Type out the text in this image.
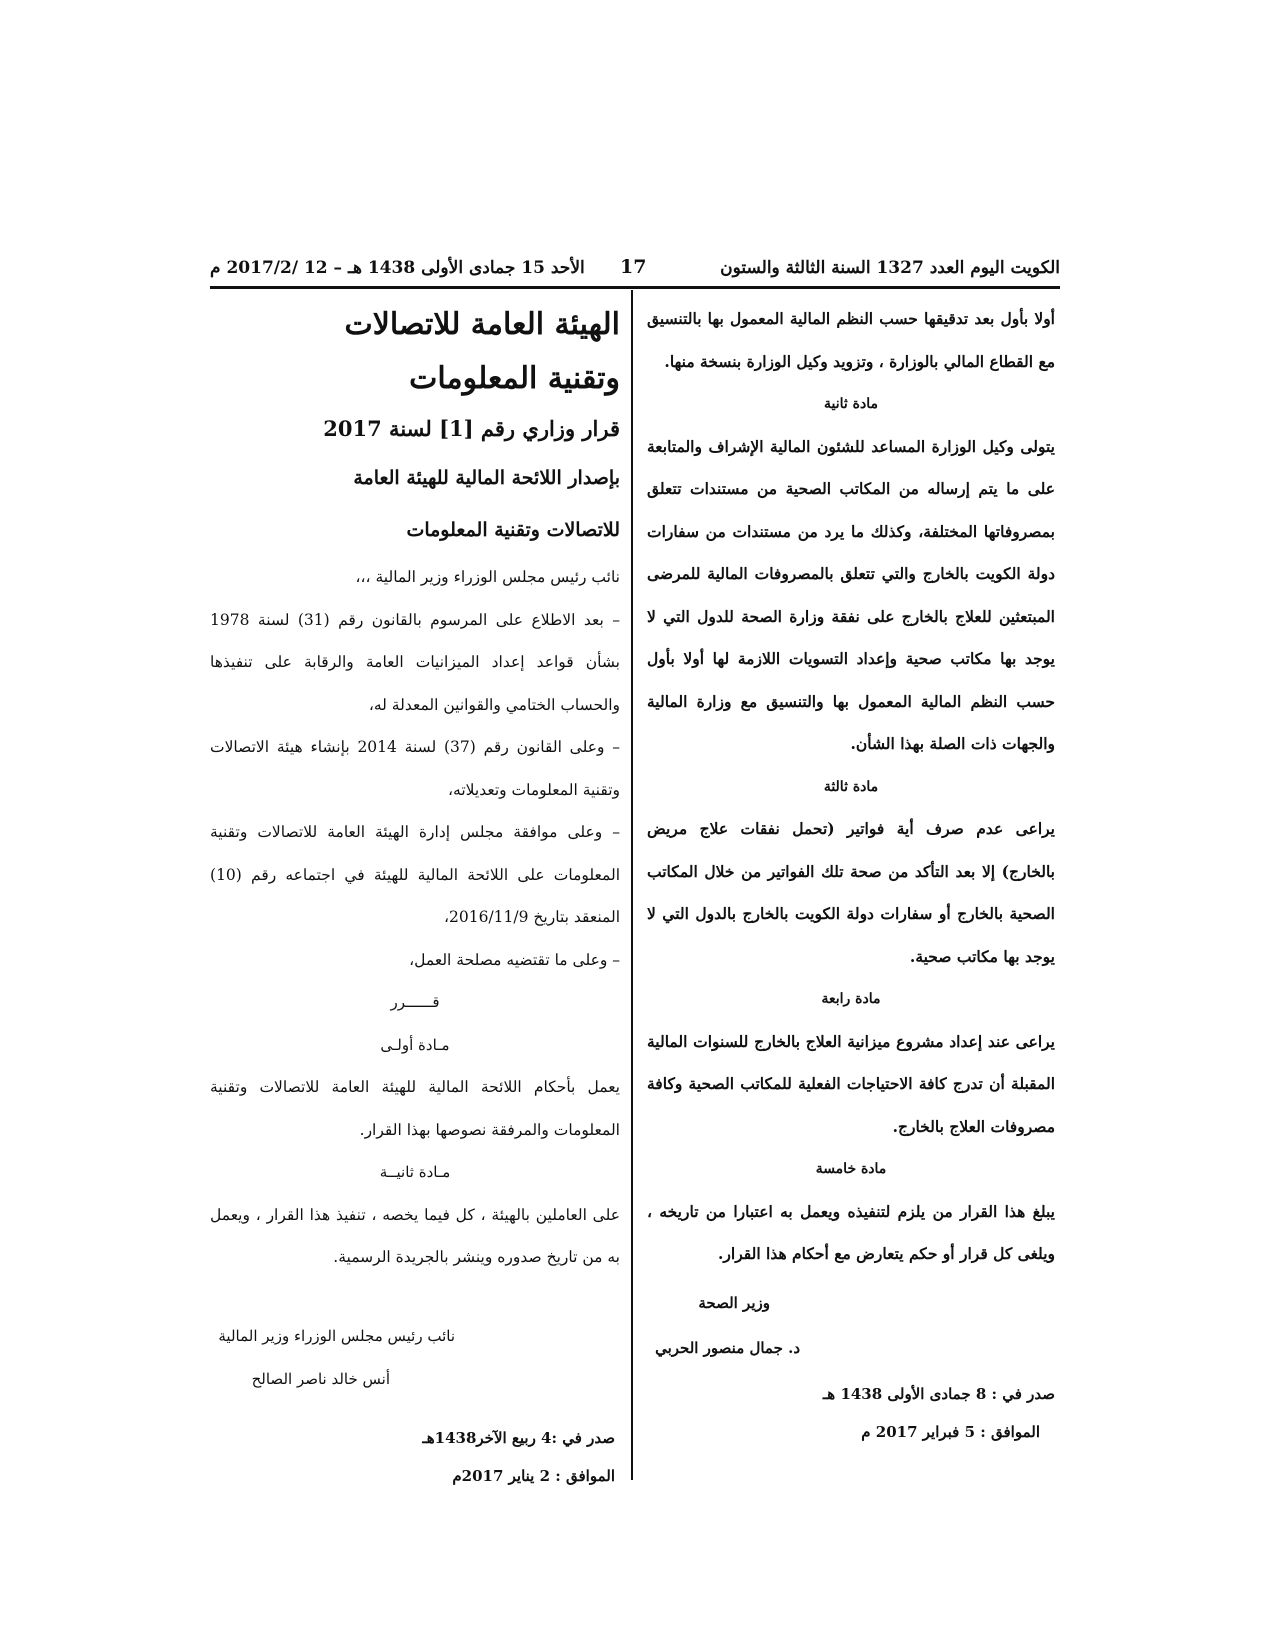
الكويت اليوم العدد 1327 السنة الثالثة والستون
17
الأحد 15 جمادى الأولى 1438 هـ – 12 /2017/2 م

أولا بأول بعد تدقيقها حسب النظم المالية المعمول بها بالتنسيق مع القطاع المالي بالوزارة ، وتزويد وكيل الوزارة بنسخة منها.

مادة ثانية

يتولى وكيل الوزارة المساعد للشئون المالية الإشراف والمتابعة على ما يتم إرساله من المكاتب الصحية من مستندات تتعلق بمصروفاتها المختلفة، وكذلك ما يرد من مستندات من سفارات دولة الكويت بالخارج والتي تتعلق بالمصروفات المالية للمرضى المبتعثين للعلاج بالخارج على نفقة وزارة الصحة للدول التي لا يوجد بها مكاتب صحية وإعداد التسويات اللازمة لها أولا بأول حسب النظم المالية المعمول بها والتنسيق مع وزارة المالية والجهات ذات الصلة بهذا الشأن.

مادة ثالثة

يراعى عدم صرف أية فواتير (تحمل نفقات علاج مريض بالخارج) إلا بعد التأكد من صحة تلك الفواتير من خلال المكاتب الصحية بالخارج أو سفارات دولة الكويت بالخارج بالدول التي لا يوجد بها مكاتب صحية.

مادة رابعة

يراعى عند إعداد مشروع ميزانية العلاج بالخارج للسنوات المالية المقبلة أن تدرج كافة الاحتياجات الفعلية للمكاتب الصحية وكافة مصروفات العلاج بالخارج.

مادة خامسة

يبلغ هذا القرار من يلزم لتنفيذه ويعمل به اعتبارا من تاريخه ، ويلغى كل قرار أو حكم يتعارض مع أحكام هذا القرار.

وزير الصحة
د. جمال منصور الحربي
صدر في : 8 جمادى الأولى 1438 هـ
الموافق : 5 فبراير 2017 م

الهيئة العامة للاتصالات

وتقنية المعلومات

قرار وزاري رقم [1] لسنة 2017

بإصدار اللائحة المالية للهيئة العامة

للاتصالات وتقنية المعلومات

نائب رئيس مجلس الوزراء وزير المالية ،،،

– بعد الاطلاع على المرسوم بالقانون رقم (31) لسنة 1978 بشأن قواعد إعداد الميزانيات العامة والرقابة على تنفيذها والحساب الختامي والقوانين المعدلة له،

– وعلى القانون رقم (37) لسنة 2014 بإنشاء هيئة الاتصالات وتقنية المعلومات وتعديلاته،

– وعلى موافقة مجلس إدارة الهيئة العامة للاتصالات وتقنية المعلومات على اللائحة المالية للهيئة في اجتماعه رقم (10) المنعقد بتاريخ 2016/11/9،

– وعلى ما تقتضيه مصلحة العمل،

قــــــرر

مـادة أولـى

يعمل بأحكام اللائحة المالية للهيئة العامة للاتصالات وتقنية المعلومات والمرفقة نصوصها بهذا القرار.

مـادة ثانيــة

على العاملين بالهيئة ، كل فيما يخصه ، تنفيذ هذا القرار ، ويعمل به من تاريخ صدوره وينشر بالجريدة الرسمية.

نائب رئيس مجلس الوزراء وزير المالية
أنس خالد ناصر الصالح
صدر في :4 ربيع الآخر1438هـ
الموافق : 2 يناير 2017م
